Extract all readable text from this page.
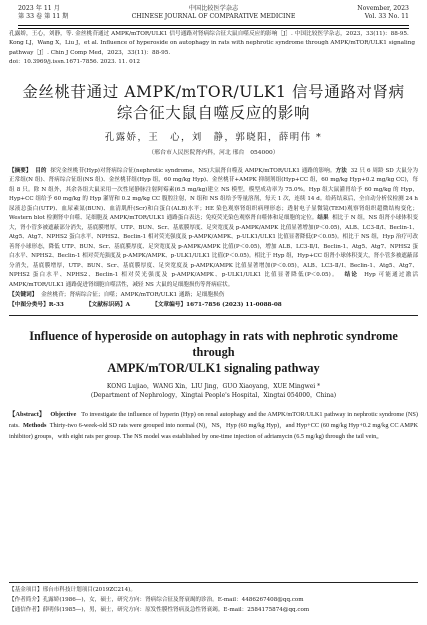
2023 年 11 月
第 33 卷 第 11 期
中国比较医学杂志
CHINESE JOURNAL OF COMPARATIVE MEDICINE
November, 2023
Vol. 33 No. 11

孔露娇，王心，刘静，等. 金丝桃苷通过 AMPK/mTOR/ULK1 信号通路对肾病综合征大鼠自噬反应的影响［J］. 中国比较医学杂志，2023，33(11)：88-95.

Kong LJ，Wang X，Liu J，et al. Influence of hyperoside on autophagy in rats with nephrotic syndrome through AMPK/mTOR/ULK1 signaling pathway［J］. Chin J Comp Med，2023，33(11)：88-95.

doi：10.3969/j.issn.1671-7856. 2023. 11. 012

金丝桃苷通过 AMPK/mTOR/ULK1 信号通路对肾病
综合征大鼠自噬反应的影响
孔露娇，王　心，刘　静，郭晓阳，薛明伟 *
（邢台市人民医院肾内科，河北 邢台　054000）

【摘要】 目的 探究金丝桃苷(Hyp)对肾病综合征(nephrotic syndrome，NS)大鼠肾自噬及 AMPK/mTOR/ULK1 通路的影响。方法 32 只 6 周龄 SD 大鼠分为正常组(N 组)、肾病综合征组(NS 组)、金丝桃苷组(Hyp 组，60 mg/kg Hyp)、金丝桃苷+AMPK 抑制剂组(Hyp+CC 组，60 mg/kg Hyp+0.2 mg/kg CC)，每组 8 只。除 N 组外，其余各组大鼠采用一次性尾静脉注射阿霉素(6.5 mg/kg)建立 NS 模型，模型成功率为 75.0%。Hyp 组大鼠灌胃给予 60 mg/kg 的 Hyp，Hyp+CC 组给予 60 mg/kg 的 Hyp 灌胃和 0.2 mg/kg CC 腹腔注射，N 组和 NS 组给予等量溶剂，每天 1 次，连续 14 d。给药结束后，全自动分析仪检测 24 h 尿液总蛋白(UTP)、血尿素氮(BUN)、血清肌酐(Scr)和白蛋白(ALB)水平；HE 染色观察肾组织病理形态；透射电子显微镜(TEM)观察肾组织超微结构变化；Western blot 检测肾中自噬、足细胞及 AMPK/mTOR/ULK1 通路蛋白表达；免疫荧光染色观察肾自噬体和足细胞的定位。结果 相比于 N 组，NS 组肾小球体积变大，肾小管多被遮蔽部分消失，基底膜增厚，UTP、BUN、Scr、基底膜厚度、足突宽度及 p-AMPK/AMPK 比值显著增加(P＜0.05)，ALB、LC3-Ⅱ/Ⅰ、Beclin-1、Atg5、Atg7、NPHS2 蛋白水平、NPHS2、Beclin-1 相对荧光强度及 p-AMPK/AMPK、p-ULK1/ULK1 比值显著降低(P＜0.05)。相比于 NS 组，Hyp 治疗可改善肾小球形态，降低 UTP、BUN、Scr、基底膜厚度、足突宽度及 p-AMPK/AMPK 比值(P＜0.05)，增加 ALB、LC3-Ⅱ/Ⅰ、Beclin-1、Atg5、Atg7、NPHS2 蛋白水平、NPHS2、Beclin-1 相对荧光强度及 p-AMPK/AMPK、p-ULK1/ULK1 比值(P＜0.05)。相比于 Hyp 组，Hyp+CC 组肾小球体积变大，肾小管多被遮蔽部分消失，基底膜增厚，UTP、BUN、Scr、基底膜厚度、足突宽度及 p-AMPK/AMPK 比值显著增加(P＜0.05)，ALB、LC3-Ⅱ/Ⅰ、Beclin-1、Atg5、Atg7、NPHS2 蛋白水平、NPHS2、Beclin-1 相对荧光强度及 p-AMPK/AMPK、p-ULK1/ULK1 比值显著降低(P＜0.05)。 结论 Hyp 可能通过激活 AMPK/mTOR/ULK1 通路促进肾细胞自噬活性，减轻 NS 大鼠的足细胞损伤等肾病症状。

【关键词】 金丝桃苷；肾病综合征；自噬；AMPK/mTOR/ULK1 通路；足细胞损伤
【中图分类号】R-33	【文献标识码】A	【文章编号】1671-7856 (2023) 11-0088-08
Influence of hyperoside on autophagy in rats with nephrotic syndrome through
AMPK/mTOR/ULK1 signaling pathway
KONG Lujiao，WANG Xin，LIU Jing，GUO Xiaoyang，XUE Mingwei *
(Department of Nephrology，Xingtai People's Hospital，Xingtai 054000，China)

【Abstract】 Objective To investigate the influence of hyperin (Hyp) on renal autophagy and the AMPK/mTOR/ULK1 pathway in nephrotic syndrome (NS) rats. Methods Thirty-two 6-week-old SD rats were grouped into normal (N)，NS，Hyp (60 mg/kg Hyp)，and Hyp+CC (60 mg/kg Hyp+0.2 mg/kg CC AMPK inhibitor) groups，with eight rats per group. The NS model was established by one-time injection of adriamycin (6.5 mg/kg) through the tail vein。

【基金项目】邢台市科技计划项目(2019ZC214)。

【作者简介】孔露娇(1986—)，女，硕士，研究方向：肾病综合征及肾衰竭的诊治。E-mail：4486267408@qq.com

【通信作者】薛明伟(1985—)，男，硕士，研究方向：原发性膜性肾病及急性肾衰竭。E-mail：2584175874@qq.com
